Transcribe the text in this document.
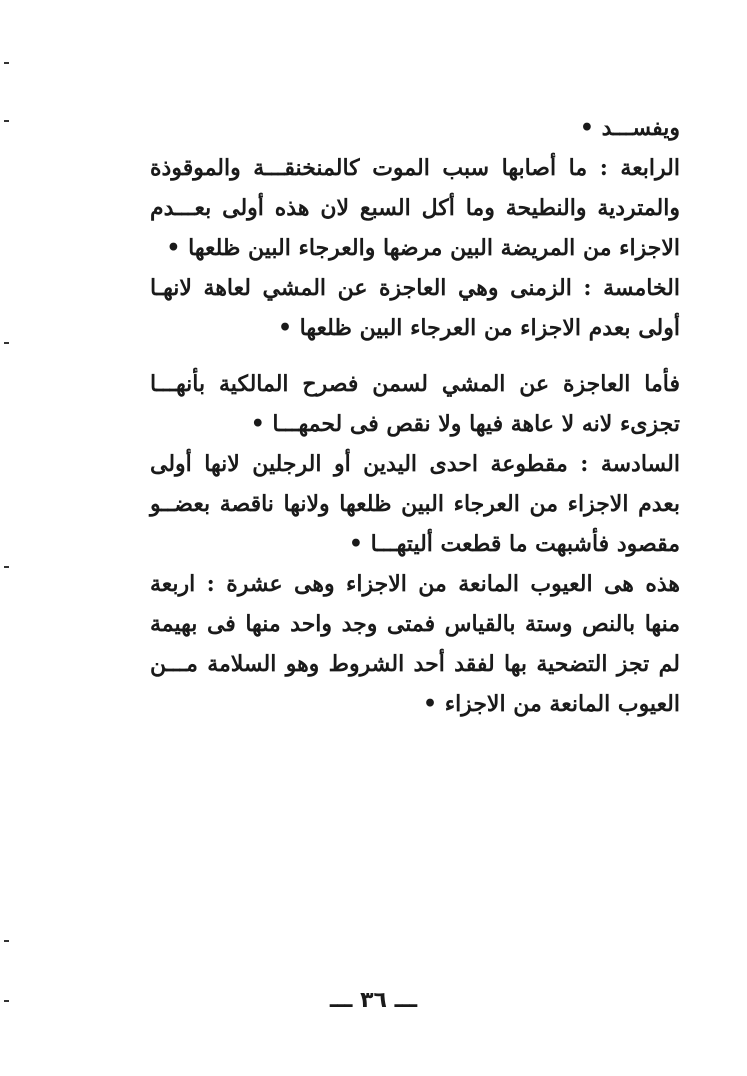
ويفســـد •
الرابعة : ما أصابها سبب الموت كالمنخنقـــة والموقوذة
والمتردية والنطيحة وما أكل السبع لان هذه أولى بعـــدم
الاجزاء من المريضة البين مرضها والعرجاء البين ظلعها •
الخامسة : الزمنى وهي العاجزة عن المشي لعاهة لانهـا
أولى بعدم الاجزاء من العرجاء البين ظلعها •
فأما العاجزة عن المشي لسمن فصرح المالكية بأنهـــا
تجزىء لانه لا عاهة فيها ولا نقص فى لحمهـــا •
السادسة : مقطوعة احدى اليدين أو الرجلين لانها أولى
بعدم الاجزاء من العرجاء البين ظلعها ولانها ناقصة بعضــو
مقصود فأشبهت ما قطعت أليتهـــا •
هذه هى العيوب المانعة من الاجزاء وهى عشرة : اربعة
منها بالنص وستة بالقياس فمتى وجد واحد منها فى بهيمة
لم تجز التضحية بها لفقد أحد الشروط وهو السلامة مـــن
العيوب المانعة من الاجزاء •
ـــ ٣٦ ـــ
